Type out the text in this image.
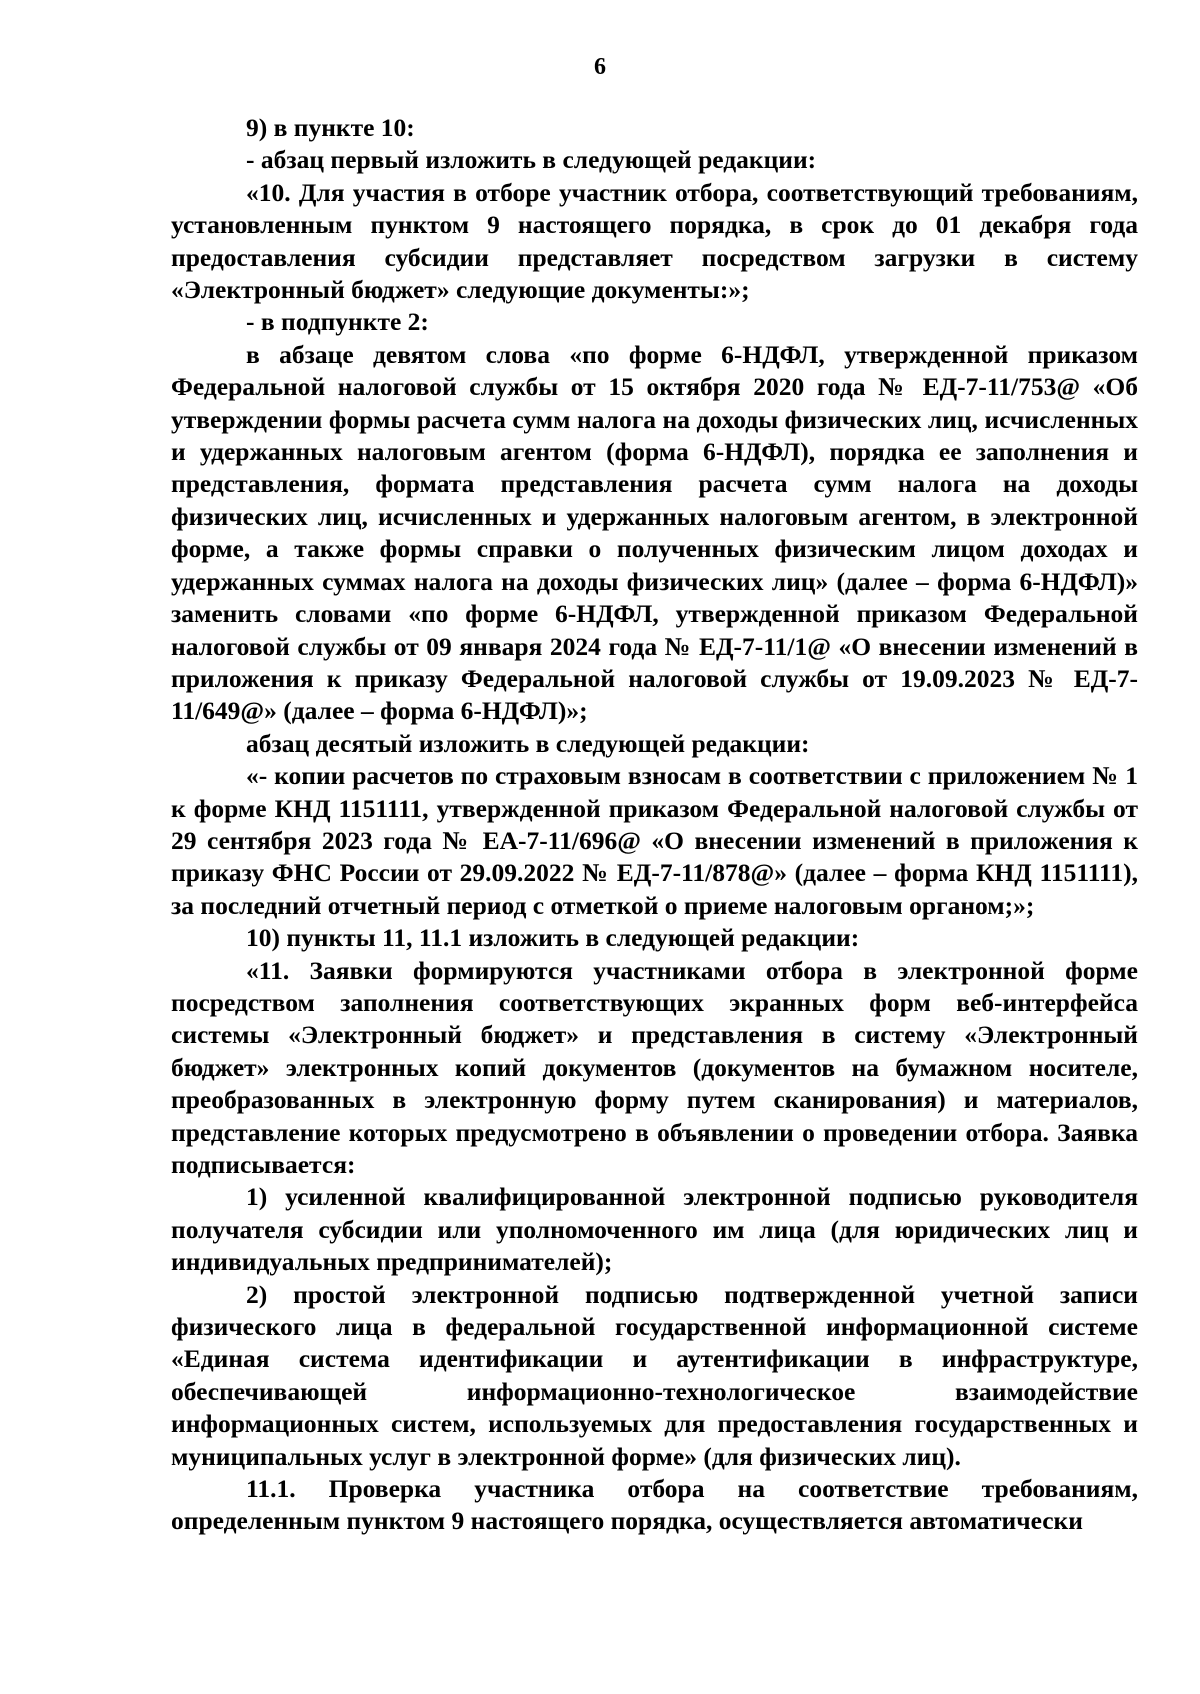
6

9) в пункте 10:

- абзац первый изложить в следующей редакции:

«10. Для участия в отборе участник отбора, соответствующий требованиям, установленным пунктом 9 настоящего порядка, в срок до 01 декабря года предоставления субсидии представляет посредством загрузки в систему «Электронный бюджет» следующие документы:»;

- в подпункте 2:

в абзаце девятом слова «по форме 6-НДФЛ, утвержденной приказом Федеральной налоговой службы от 15 октября 2020 года № ЕД-7-11/753@ «Об утверждении формы расчета сумм налога на доходы физических лиц, исчисленных и удержанных налоговым агентом (форма 6-НДФЛ), порядка ее заполнения и представления, формата представления расчета сумм налога на доходы физических лиц, исчисленных и удержанных налоговым агентом, в электронной форме, а также формы справки о полученных физическим лицом доходах и удержанных суммах налога на доходы физических лиц» (далее – форма 6-НДФЛ)» заменить словами «по форме 6-НДФЛ, утвержденной приказом Федеральной налоговой службы от 09 января 2024 года № ЕД-7-11/1@ «О внесении изменений в приложения к приказу Федеральной налоговой службы от 19.09.2023 № ЕД-7-11/649@» (далее – форма 6-НДФЛ)»;

абзац десятый изложить в следующей редакции:

«- копии расчетов по страховым взносам в соответствии с приложением № 1 к форме КНД 1151111, утвержденной приказом Федеральной налоговой службы от 29 сентября 2023 года № ЕА-7-11/696@ «О внесении изменений в приложения к приказу ФНС России от 29.09.2022 № ЕД-7-11/878@» (далее – форма КНД 1151111), за последний отчетный период с отметкой о приеме налоговым органом;»;

10) пункты 11, 11.1 изложить в следующей редакции:

«11. Заявки формируются участниками отбора в электронной форме посредством заполнения соответствующих экранных форм веб-интерфейса системы «Электронный бюджет» и представления в систему «Электронный бюджет» электронных копий документов (документов на бумажном носителе, преобразованных в электронную форму путем сканирования) и материалов, представление которых предусмотрено в объявлении о проведении отбора. Заявка подписывается:

1) усиленной квалифицированной электронной подписью руководителя получателя субсидии или уполномоченного им лица (для юридических лиц и индивидуальных предпринимателей);

2) простой электронной подписью подтвержденной учетной записи физического лица в федеральной государственной информационной системе «Единая система идентификации и аутентификации в инфраструктуре, обеспечивающей информационно-технологическое взаимодействие информационных систем, используемых для предоставления государственных и муниципальных услуг в электронной форме» (для физических лиц).

11.1. Проверка участника отбора на соответствие требованиям, определенным пунктом 9 настоящего порядка, осуществляется автоматически
